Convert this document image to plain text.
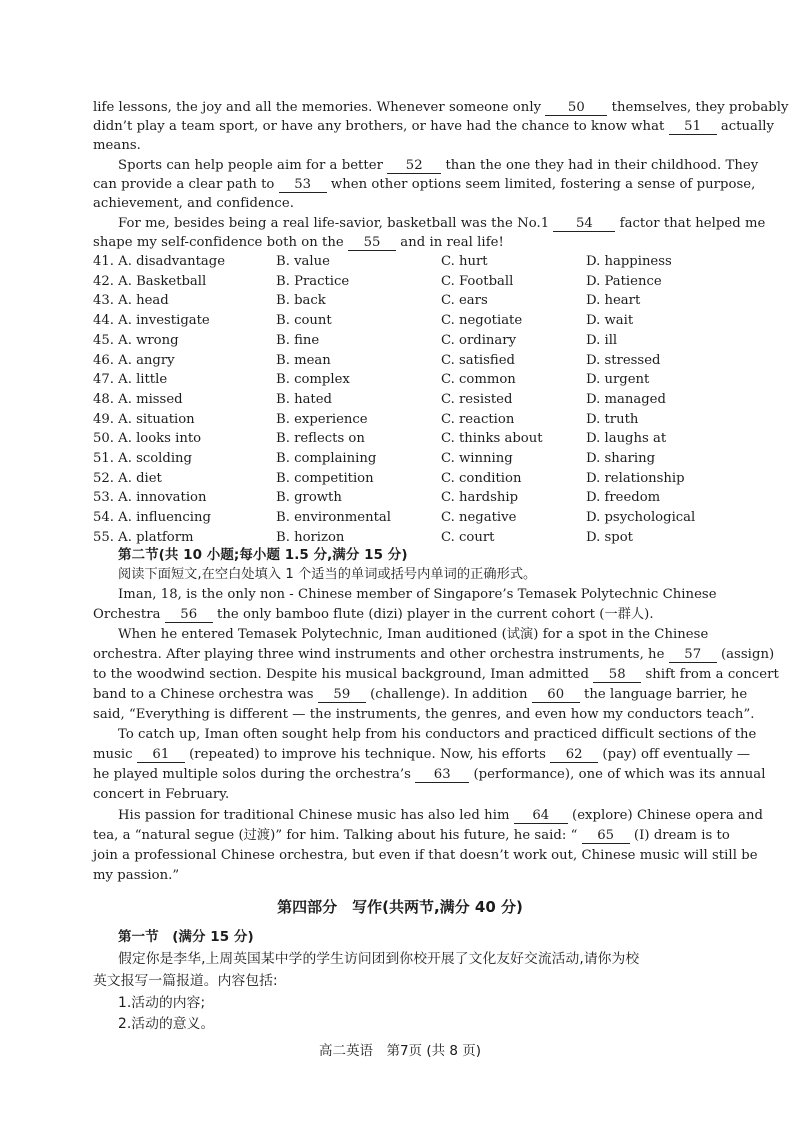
life lessons, the joy and all the memories. Whenever someone only 50 themselves, they probably
didn’t play a team sport, or have any brothers, or have had the chance to know what 51 actually
means.
Sports can help people aim for a better 52 than the one they had in their childhood. They
can provide a clear path to 53 when other options seem limited, fostering a sense of purpose,
achievement, and confidence.
For me, besides being a real life-savior, basketball was the No.1 54 factor that helped me
shape my self-confidence both on the 55 and in real life!
41. A. disadvantage	B. value	C. hurt	D. happiness
42. A. Basketball	B. Practice	C. Football	D. Patience
43. A. head	B. back	C. ears	D. heart
44. A. investigate	B. count	C. negotiate	D. wait
45. A. wrong	B. fine	C. ordinary	D. ill
46. A. angry	B. mean	C. satisfied	D. stressed
47. A. little	B. complex	C. common	D. urgent
48. A. missed	B. hated	C. resisted	D. managed
49. A. situation	B. experience	C. reaction	D. truth
50. A. looks into	B. reflects on	C. thinks about	D. laughs at
51. A. scolding	B. complaining	C. winning	D. sharing
52. A. diet	B. competition	C. condition	D. relationship
53. A. innovation	B. growth	C. hardship	D. freedom
54. A. influencing	B. environmental	C. negative	D. psychological
55. A. platform	B. horizon	C. court	D. spot
第二节(共 10 小题;每小题 1.5 分,满分 15 分)
阅读下面短文,在空白处填入 1 个适当的单词或括号内单词的正确形式。
Iman, 18, is the only non - Chinese member of Singapore’s Temasek Polytechnic Chinese
Orchestra 56 the only bamboo flute (dizi) player in the current cohort (一群人).
When he entered Temasek Polytechnic, Iman auditioned (试演) for a spot in the Chinese
orchestra. After playing three wind instruments and other orchestra instruments, he 57 (assign)
to the woodwind section. Despite his musical background, Iman admitted 58 shift from a concert
band to a Chinese orchestra was 59 (challenge). In addition 60 the language barrier, he
said, “Everything is different — the instruments, the genres, and even how my conductors teach”.
To catch up, Iman often sought help from his conductors and practiced difficult sections of the
music 61 (repeated) to improve his technique. Now, his efforts 62 (pay) off eventually —
he played multiple solos during the orchestra’s 63 (performance), one of which was its annual
concert in February.
His passion for traditional Chinese music has also led him 64 (explore) Chinese opera and
tea, a “natural segue (过渡)” for him. Talking about his future, he said: “ 65 (I) dream is to
join a professional Chinese orchestra, but even if that doesn’t work out, Chinese music will still be
my passion.”
第四部分　写作(共两节,满分 40 分)
第一节　(满分 15 分)
假定你是李华,上周英国某中学的学生访问团到你校开展了文化友好交流活动,请你为校
英文报写一篇报道。内容包括:
1.活动的内容;
2.活动的意义。
高二英语　第7页 (共 8 页)
